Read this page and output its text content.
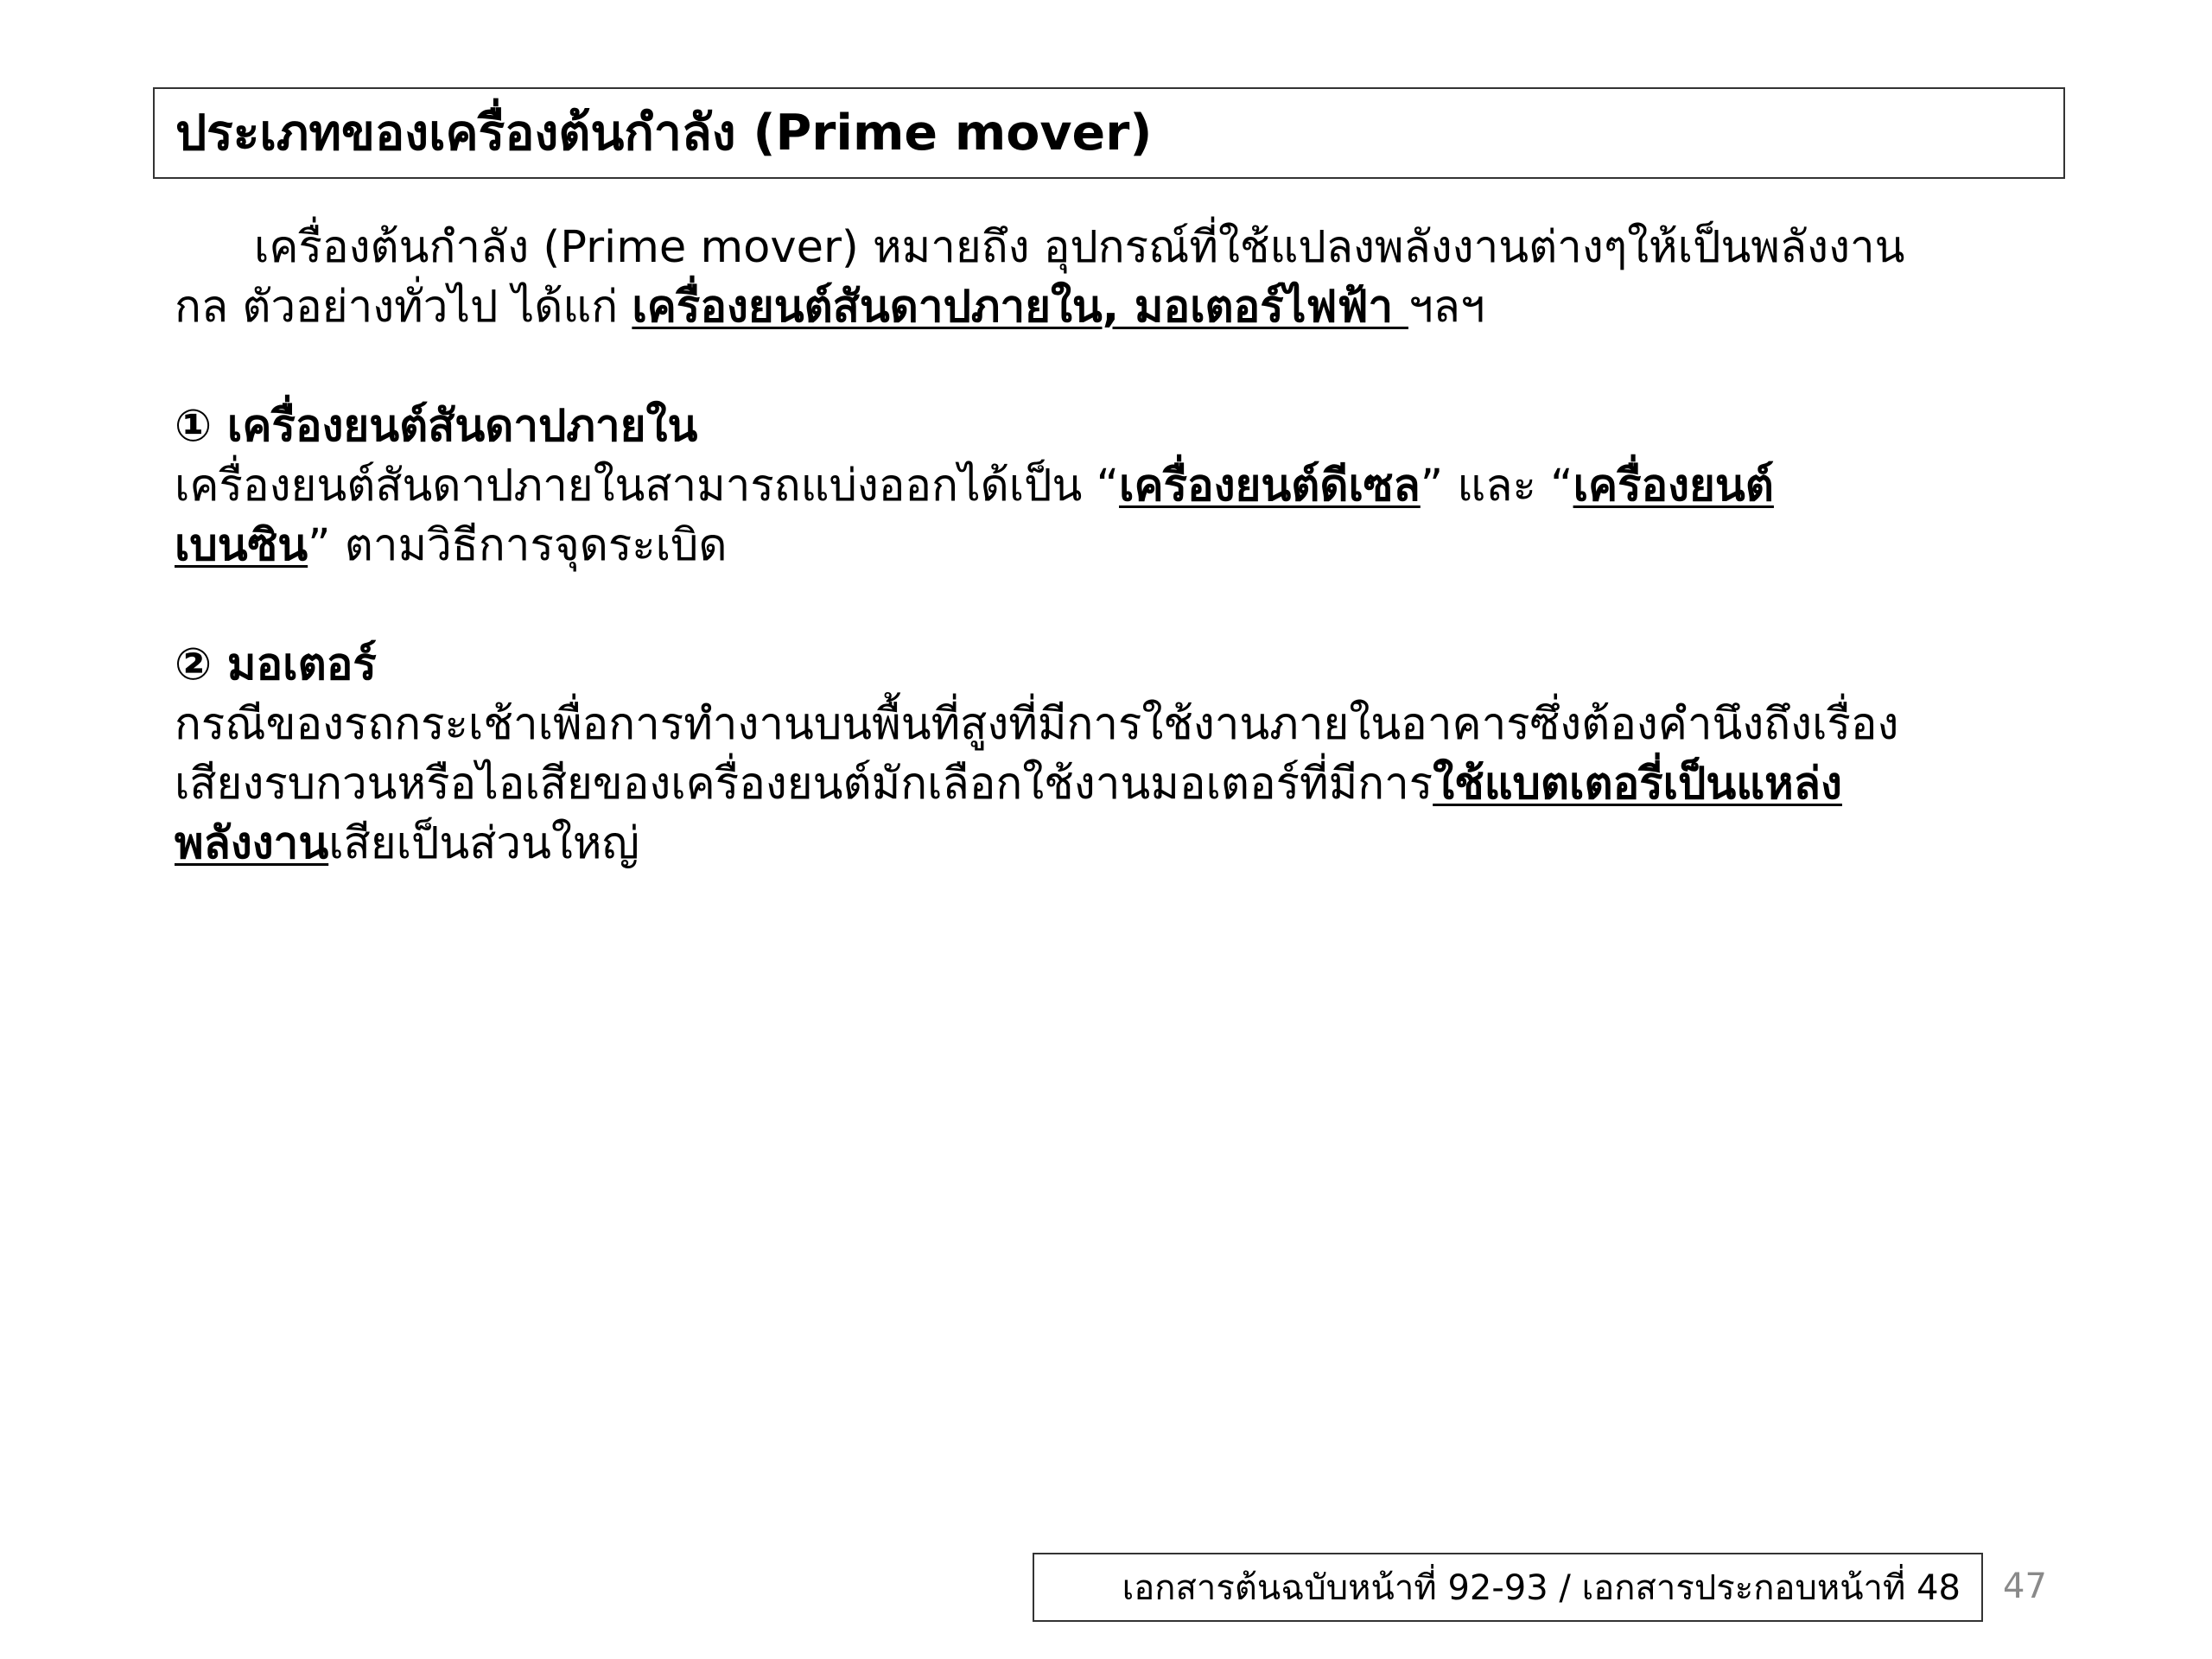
ประเภทของเครื่องต้นกำลัง (Prime mover)

เครื่องต้นกำลัง (Prime mover) หมายถึง อุปกรณ์ที่ใช้แปลงพลังงานต่างๆให้เป็นพลังงาน

กล ตัวอย่างทั่วไป ได้แก่ เครื่องยนต์สันดาปภายใน, มอเตอร์ไฟฟ้า ฯลฯ

① เครื่องยนต์สันดาปภายใน

เครื่องยนต์สันดาปภายในสามารถแบ่งออกได้เป็น “เครื่องยนต์ดีเซล” และ “เครื่องยนต์

เบนซิน” ตามวิธีการจุดระเบิด

② มอเตอร์

กรณีของรถกระเช้าเพื่อการทำงานบนพื้นที่สูงที่มีการใช้งานภายในอาคารซึ่งต้องคำนึงถึงเรื่อง

เสียงรบกวนหรือไอเสียของเครื่องยนต์มักเลือกใช้งานมอเตอร์ที่มีการใช้แบตเตอรี่เป็นแหล่ง

พลังงานเสียเป็นส่วนใหญ่

เอกสารต้นฉบับหน้าที่ 92-93 / เอกสารประกอบหน้าที่ 48 47
